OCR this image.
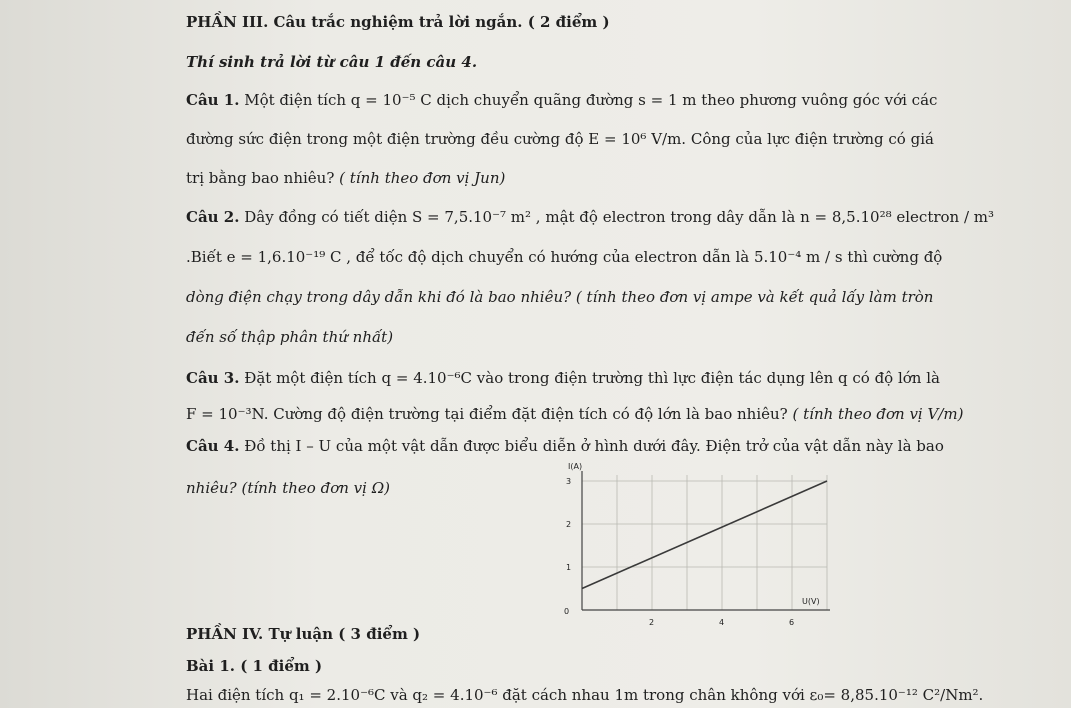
PHẦN III. Câu trắc nghiệm trả lời ngắn. ( 2 điểm )
Thí sinh trả lời từ câu 1 đến câu 4.
Câu 1. Một điện tích q = 10⁻⁵ C dịch chuyển quãng đường s = 1 m theo phương vuông góc với các
đường sức điện trong một điện trường đều cường độ E = 10⁶ V/m. Công của lực điện trường có giá
trị bằng bao nhiêu? ( tính theo đơn vị Jun)
Câu 2. Dây đồng có tiết diện S = 7,5.10⁻⁷ m² , mật độ electron trong dây dẫn là n = 8,5.10²⁸ electron / m³
.Biết e = 1,6.10⁻¹⁹ C , để tốc độ dịch chuyển có hướng của electron dẫn là 5.10⁻⁴ m / s thì cường độ
dòng điện chạy trong dây dẫn khi đó là bao nhiêu? ( tính theo đơn vị ampe và kết quả lấy làm tròn
đến số thập phân thứ nhất)
Câu 3. Đặt một điện tích q = 4.10⁻⁶C vào trong điện trường thì lực điện tác dụng lên q có độ lớn là
F = 10⁻³N. Cường độ điện trường tại điểm đặt điện tích có độ lớn là bao nhiêu? ( tính theo đơn vị V/m)
Câu 4. Đồ thị I – U của một vật dẫn được biểu diễn ở hình dưới đây. Điện trở của vật dẫn này là bao
nhiêu? (tính theo đơn vị Ω)
I(A)
U(V)
0
2	4	6
1
2
3
PHẦN IV. Tự luận ( 3 điểm )
Bài 1. ( 1 điểm )
Hai điện tích q₁ = 2.10⁻⁶C và q₂ = 4.10⁻⁶ đặt cách nhau 1m trong chân không với ε₀= 8,85.10⁻¹² C²/Nm².
